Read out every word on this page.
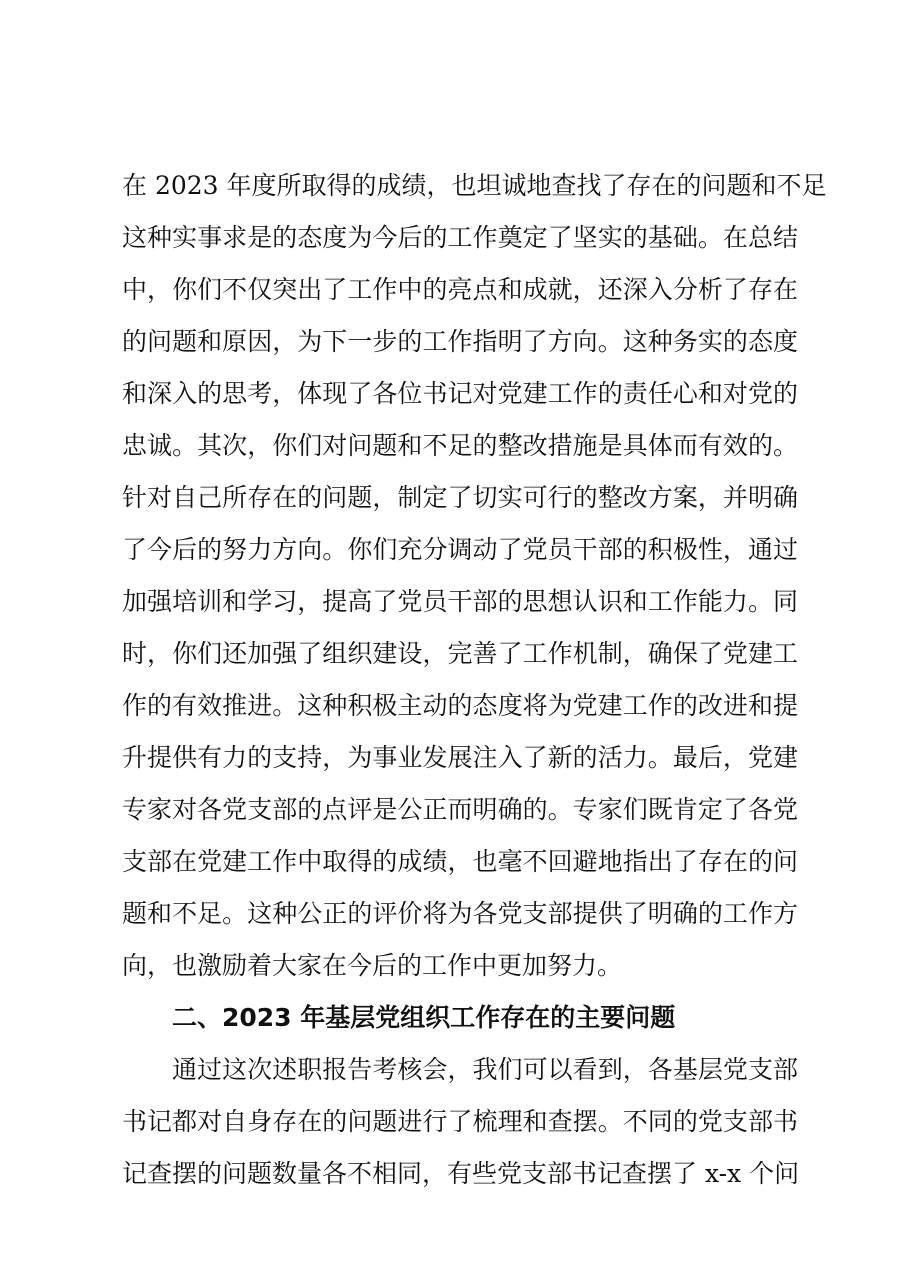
在 2023 年度所取得的成绩，也坦诚地查找了存在的问题和不足
这种实事求是的态度为今后的工作奠定了坚实的基础。在总结
中，你们不仅突出了工作中的亮点和成就，还深入分析了存在
的问题和原因，为下一步的工作指明了方向。这种务实的态度
和深入的思考，体现了各位书记对党建工作的责任心和对党的
忠诚。其次，你们对问题和不足的整改措施是具体而有效的。
针对自己所存在的问题，制定了切实可行的整改方案，并明确
了今后的努力方向。你们充分调动了党员干部的积极性，通过
加强培训和学习，提高了党员干部的思想认识和工作能力。同
时，你们还加强了组织建设，完善了工作机制，确保了党建工
作的有效推进。这种积极主动的态度将为党建工作的改进和提
升提供有力的支持，为事业发展注入了新的活力。最后，党建
专家对各党支部的点评是公正而明确的。专家们既肯定了各党
支部在党建工作中取得的成绩，也毫不回避地指出了存在的问
题和不足。这种公正的评价将为各党支部提供了明确的工作方
向，也激励着大家在今后的工作中更加努力。
二、2023 年基层党组织工作存在的主要问题
通过这次述职报告考核会，我们可以看到，各基层党支部
书记都对自身存在的问题进行了梳理和查摆。不同的党支部书
记查摆的问题数量各不相同，有些党支部书记查摆了 x-x 个问
